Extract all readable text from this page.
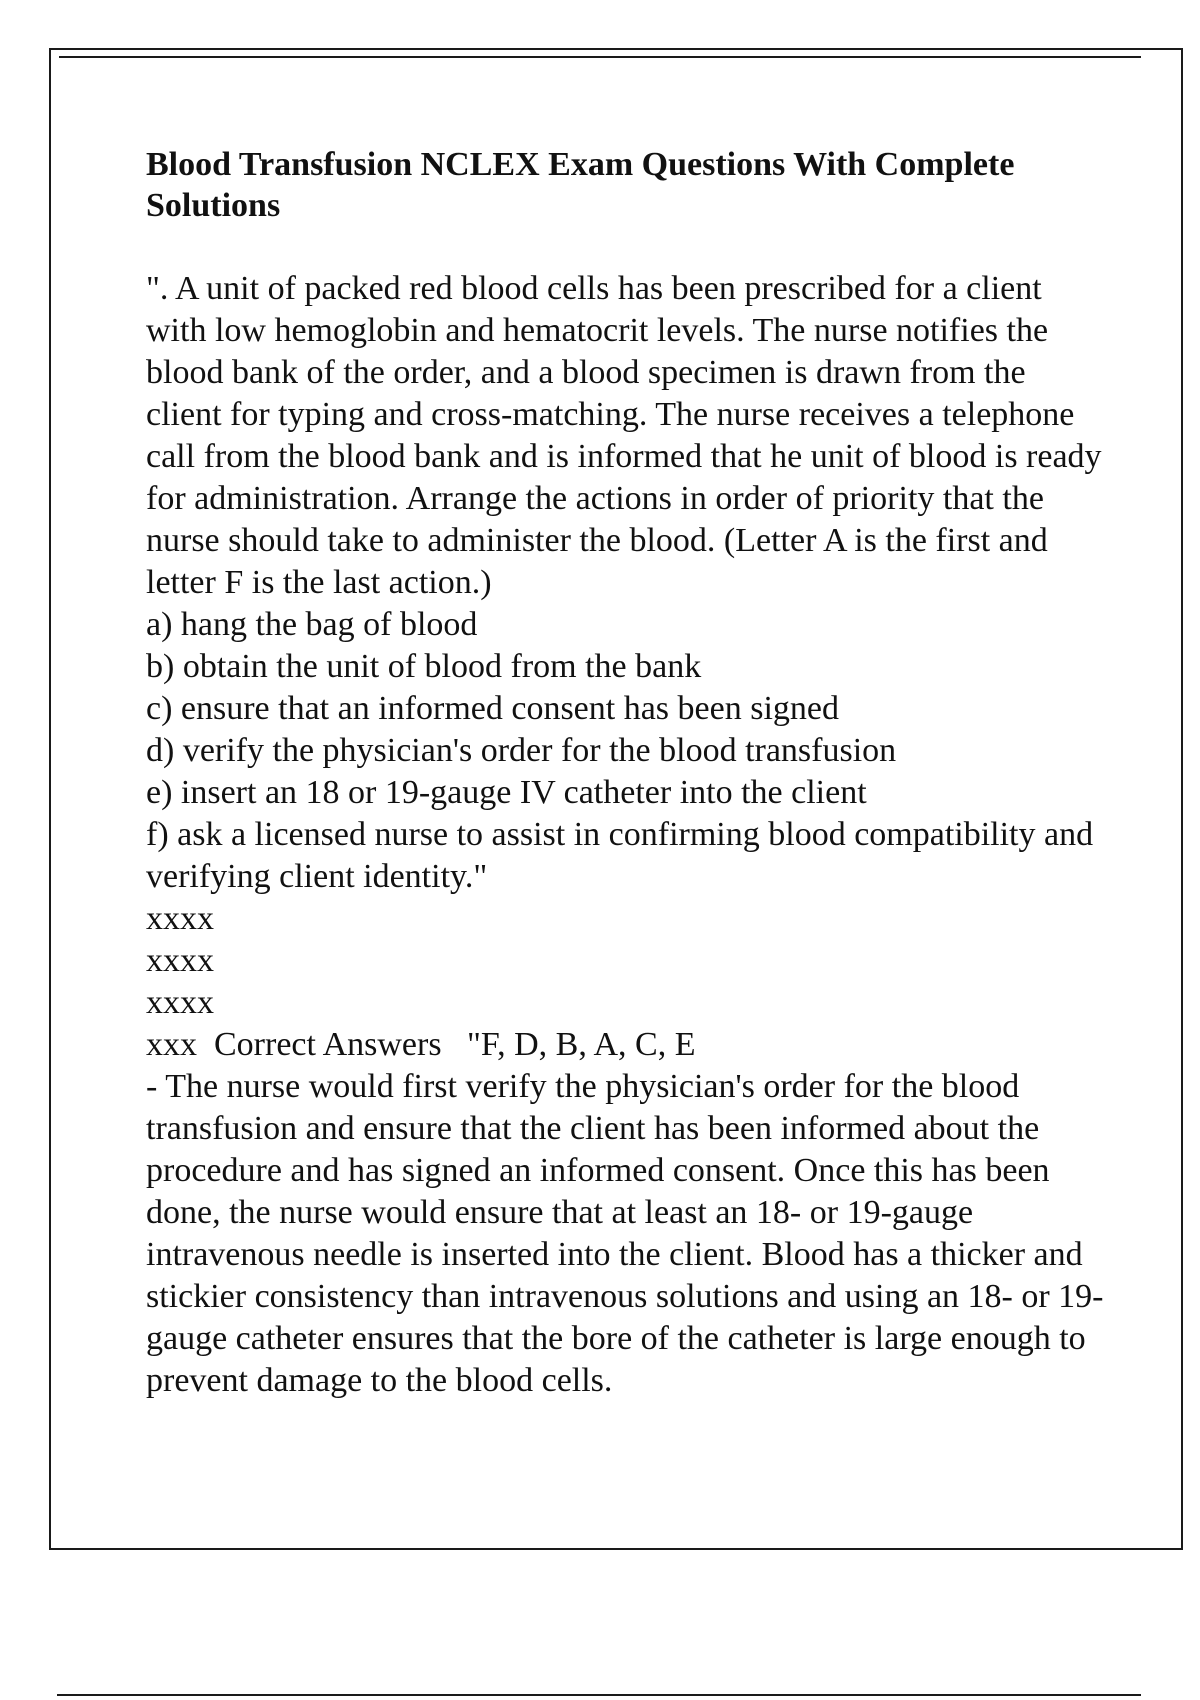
Blood Transfusion NCLEX Exam Questions With Complete Solutions

". A unit of packed red blood cells has been prescribed for a client with low hemoglobin and hematocrit levels. The nurse notifies the blood bank of the order, and a blood specimen is drawn from the client for typing and cross-matching. The nurse receives a telephone call from the blood bank and is informed that he unit of blood is ready for administration. Arrange the actions in order of priority that the nurse should take to administer the blood. (Letter A is the first and letter F is the last action.)

a) hang the bag of blood
b) obtain the unit of blood from the bank
c) ensure that an informed consent has been signed
d) verify the physician's order for the blood transfusion
e) insert an 18 or 19-gauge IV catheter into the client
f) ask a licensed nurse to assist in confirming blood compatibility and verifying client identity."
xxxx
xxxx
xxxx
xxx  Correct Answers   "F, D, B, A, C, E

- The nurse would first verify the physician's order for the blood transfusion and ensure that the client has been informed about the procedure and has signed an informed consent. Once this has been done, the nurse would ensure that at least an 18- or 19-gauge intravenous needle is inserted into the client. Blood has a thicker and stickier consistency than intravenous solutions and using an 18- or 19-gauge catheter ensures that the bore of the catheter is large enough to prevent damage to the blood cells.
